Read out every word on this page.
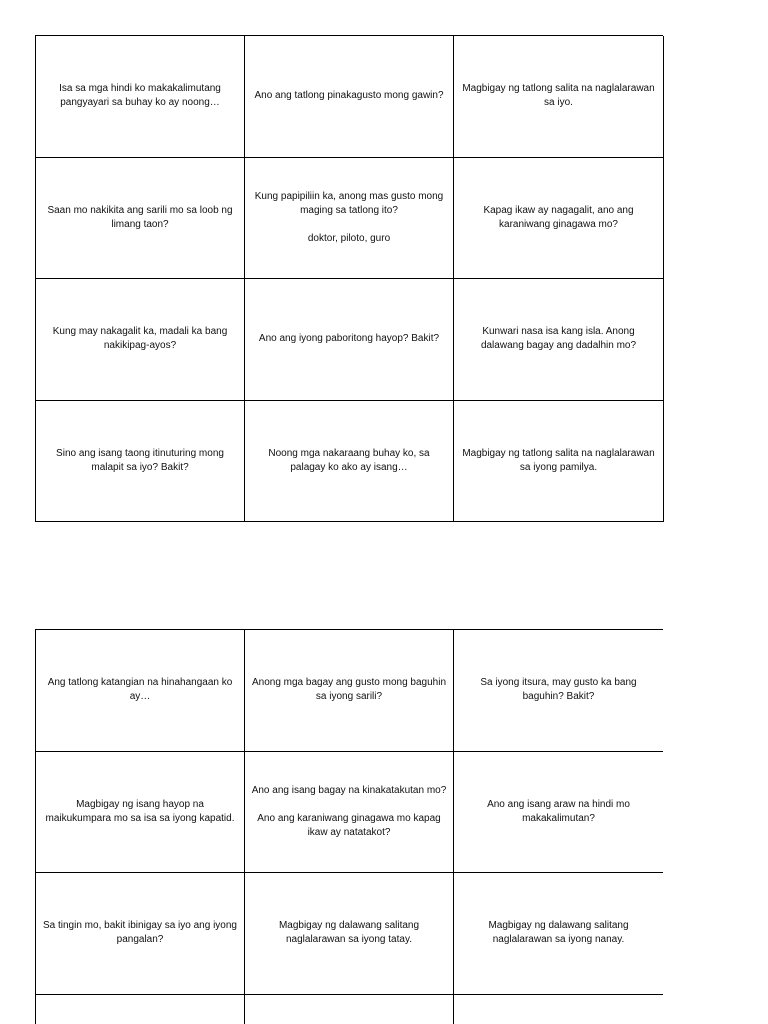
Isa sa mga hindi ko makakalimutang pangyayari sa buhay ko ay noong…

Ano ang tatlong pinakagusto mong gawin?

Magbigay ng tatlong salita na naglalarawan sa iyo.

Saan mo nakikita ang sarili mo sa loob ng limang taon?

Kung papipiliin ka, anong mas gusto mong maging sa tatlong ito?

doktor, piloto, guro

Kapag ikaw ay nagagalit, ano ang karaniwang ginagawa mo?

Kung may nakagalit ka, madali ka bang nakikipag-ayos?

Ano ang iyong paboritong hayop? Bakit?

Kunwari nasa isa kang isla. Anong dalawang bagay ang dadalhin mo?

Sino ang isang taong itinuturing mong malapit sa iyo? Bakit?

Noong mga nakaraang buhay ko, sa palagay ko ako ay isang…

Magbigay ng tatlong salita na naglalarawan sa iyong pamilya.

Ang tatlong katangian na hinahangaan ko ay…

Anong mga bagay ang gusto mong baguhin sa iyong sarili?

Sa iyong itsura, may gusto ka bang baguhin? Bakit?

Magbigay ng isang hayop na maikukumpara mo sa isa sa iyong kapatid.

Ano ang isang bagay na kinakatakutan mo?

Ano ang karaniwang ginagawa mo kapag ikaw ay natatakot?

Ano ang isang araw na hindi mo makakalimutan?

Sa tingin mo, bakit ibinigay sa iyo ang iyong pangalan?

Magbigay ng dalawang salitang naglalarawan sa iyong tatay.

Magbigay ng dalawang salitang naglalarawan sa iyong nanay.
